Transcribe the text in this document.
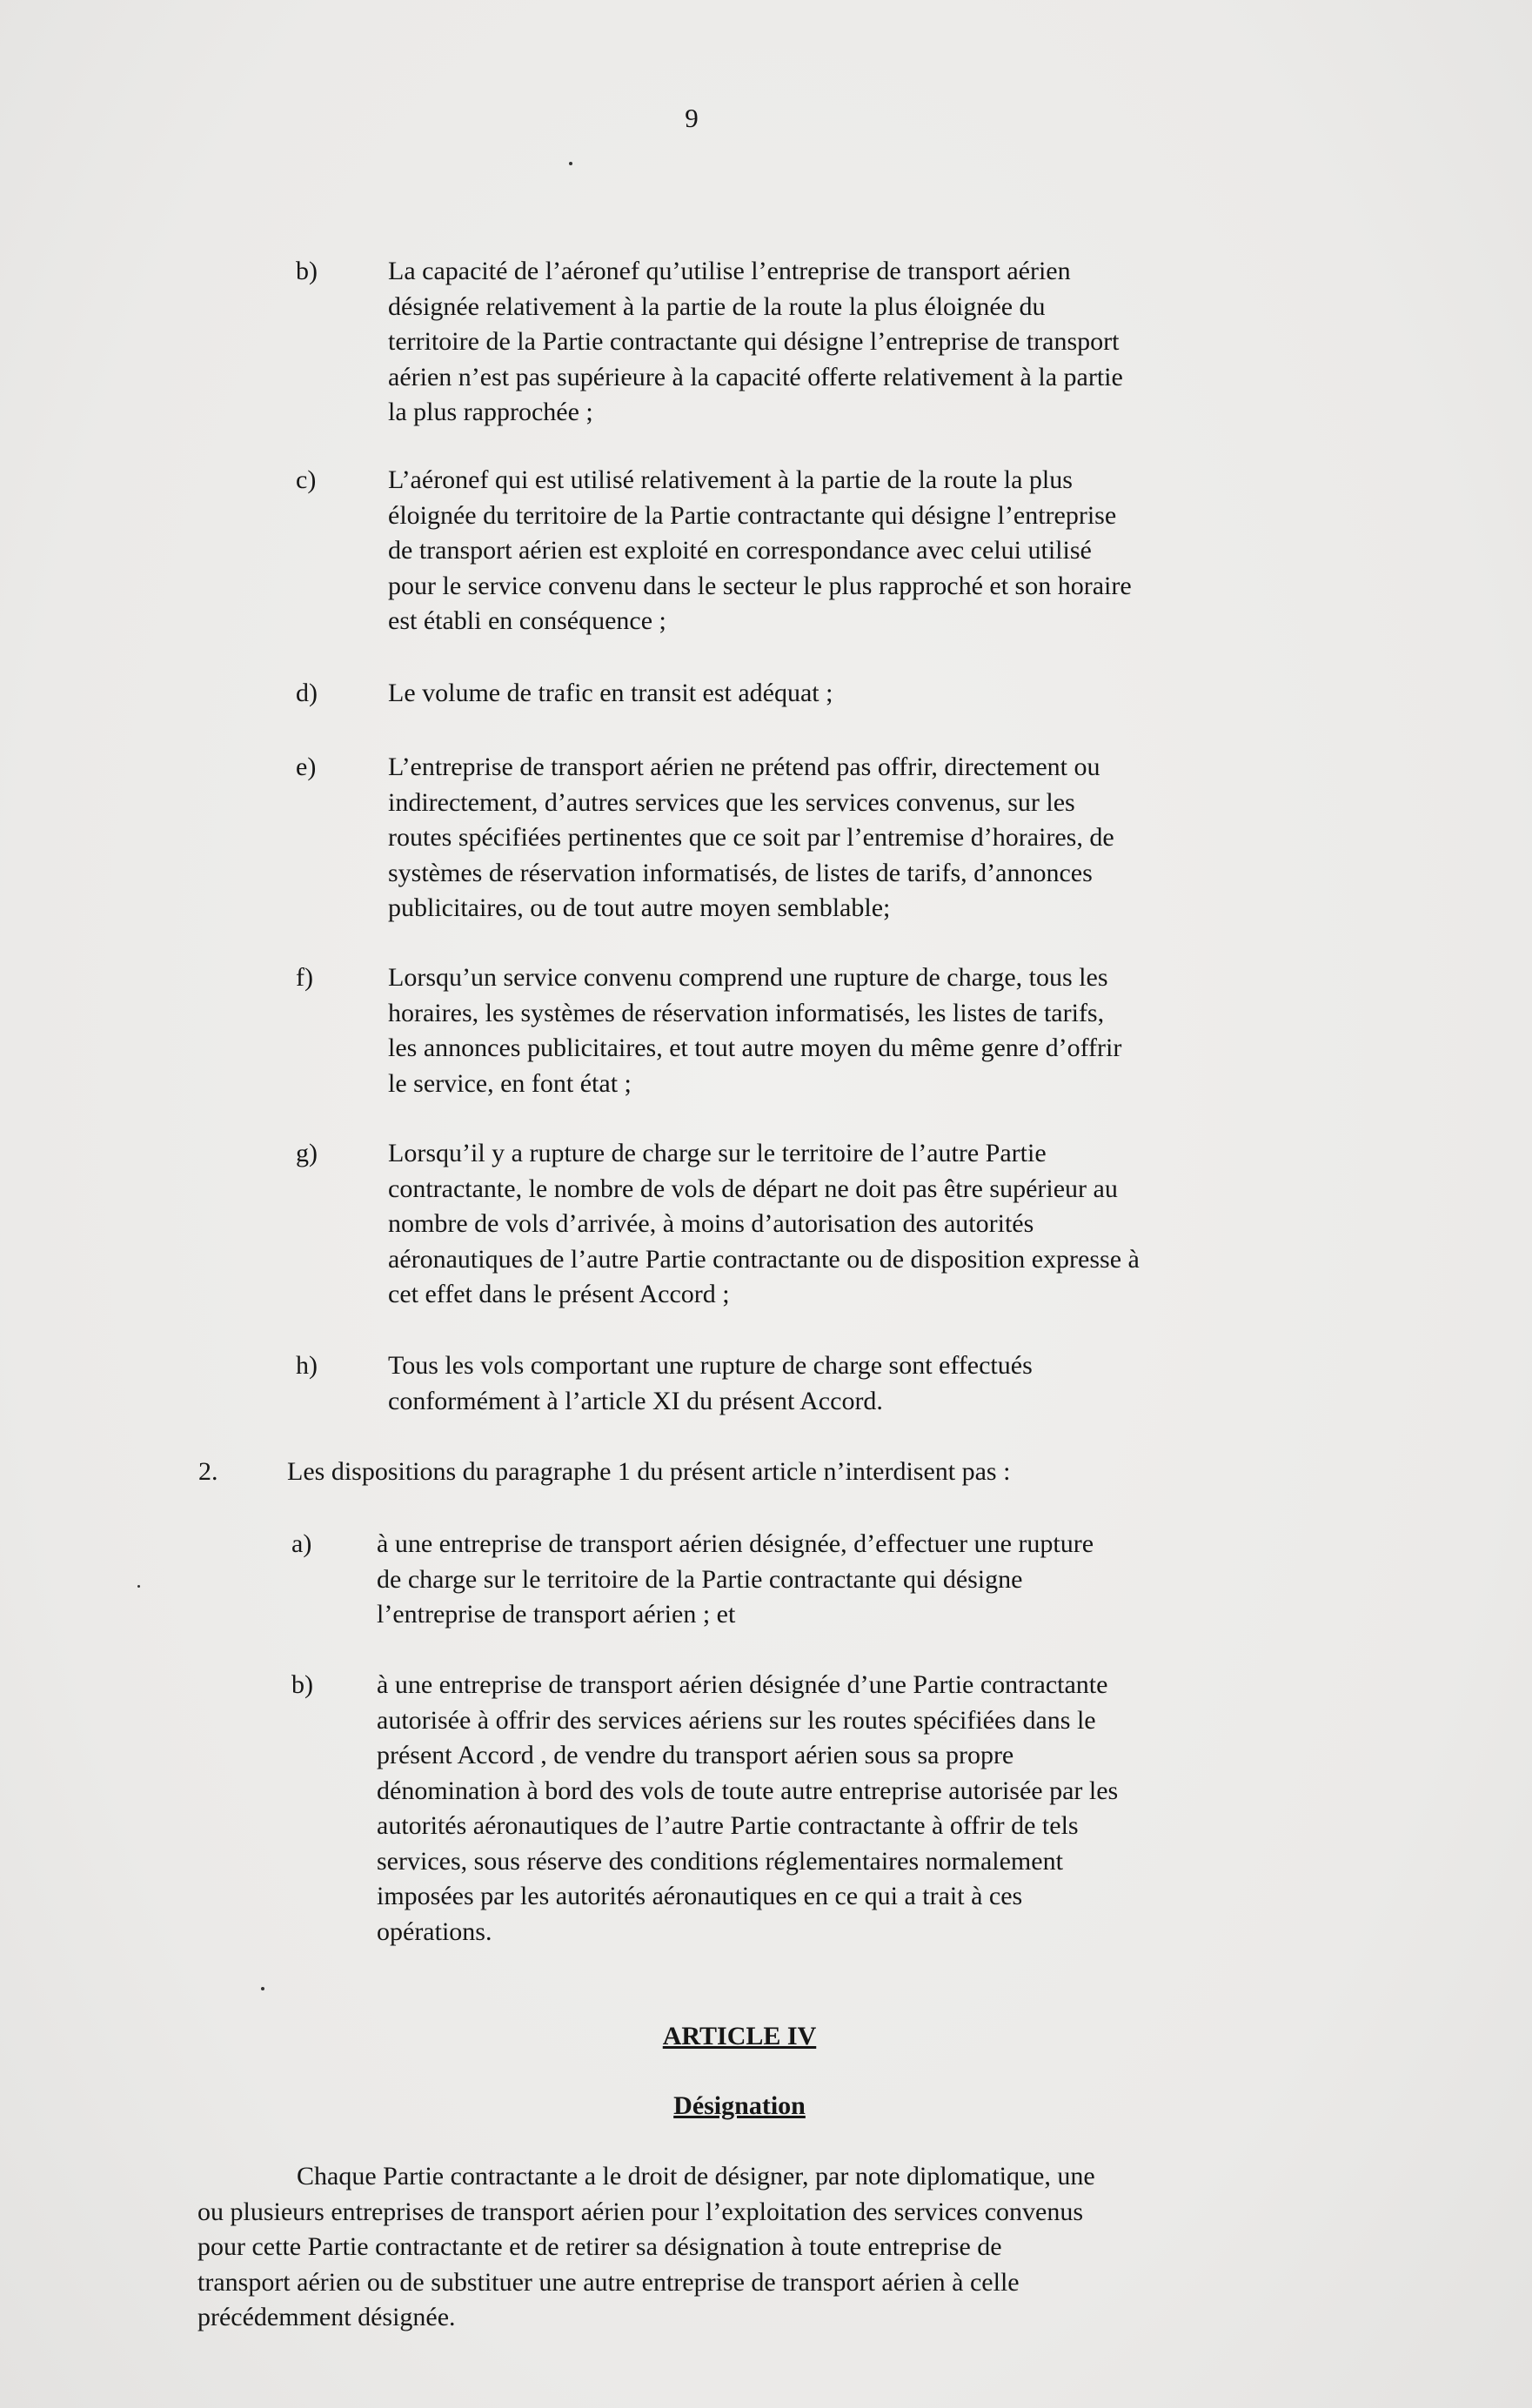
9
b)	La capacité de l’aéronef qu’utilise l’entreprise de transport aérien
désignée relativement à la partie de la route la plus éloignée du
territoire de la Partie contractante qui désigne l’entreprise de transport
aérien n’est pas supérieure à la capacité offerte relativement à la partie
la plus rapprochée ;
c)	L’aéronef qui est utilisé relativement à la partie de la route la plus
éloignée du territoire de la Partie contractante qui désigne l’entreprise
de transport aérien est exploité en correspondance avec celui utilisé
pour le service convenu dans le secteur le plus rapproché et son horaire
est établi en conséquence ;
d)	Le volume de trafic en transit est adéquat ;
e)	L’entreprise de transport aérien ne prétend pas offrir, directement ou
indirectement, d’autres services que les services convenus, sur les
routes spécifiées pertinentes que ce soit par l’entremise d’horaires, de
systèmes de réservation informatisés, de listes de tarifs, d’annonces
publicitaires, ou de tout autre moyen semblable;
f)	Lorsqu’un service convenu comprend une rupture de charge, tous les
horaires, les systèmes de réservation informatisés, les listes de tarifs,
les annonces publicitaires, et tout autre moyen du même genre d’offrir
le service, en font état ;
g)	Lorsqu’il y a rupture de charge sur le territoire de l’autre Partie
contractante, le nombre de vols de départ ne doit pas être supérieur au
nombre de vols d’arrivée, à moins d’autorisation des autorités
aéronautiques de l’autre Partie contractante ou de disposition expresse à
cet effet dans le présent Accord ;
h)	Tous les vols comportant une rupture de charge sont effectués
conformément à l’article XI du présent Accord.
2.	Les dispositions du paragraphe 1 du présent article n’interdisent pas :
a) à une entreprise de transport aérien désignée, d’effectuer une rupture
de charge sur le territoire de la Partie contractante qui désigne
l’entreprise de transport aérien ; et
b) à une entreprise de transport aérien désignée d’une Partie contractante
autorisée à offrir des services aériens sur les routes spécifiées dans le
présent Accord , de vendre du transport aérien sous sa propre
dénomination à bord des vols de toute autre entreprise autorisée par les
autorités aéronautiques de l’autre Partie contractante à offrir de tels
services, sous réserve des conditions réglementaires normalement
imposées par les autorités aéronautiques en ce qui a trait à ces
opérations.
ARTICLE IV
Désignation
Chaque Partie contractante a le droit de désigner, par note diplomatique, une
ou plusieurs entreprises de transport aérien pour l’exploitation des services convenus
pour cette Partie contractante et de retirer sa désignation à toute entreprise de
transport aérien ou de substituer une autre entreprise de transport aérien à celle
précédemment désignée.
